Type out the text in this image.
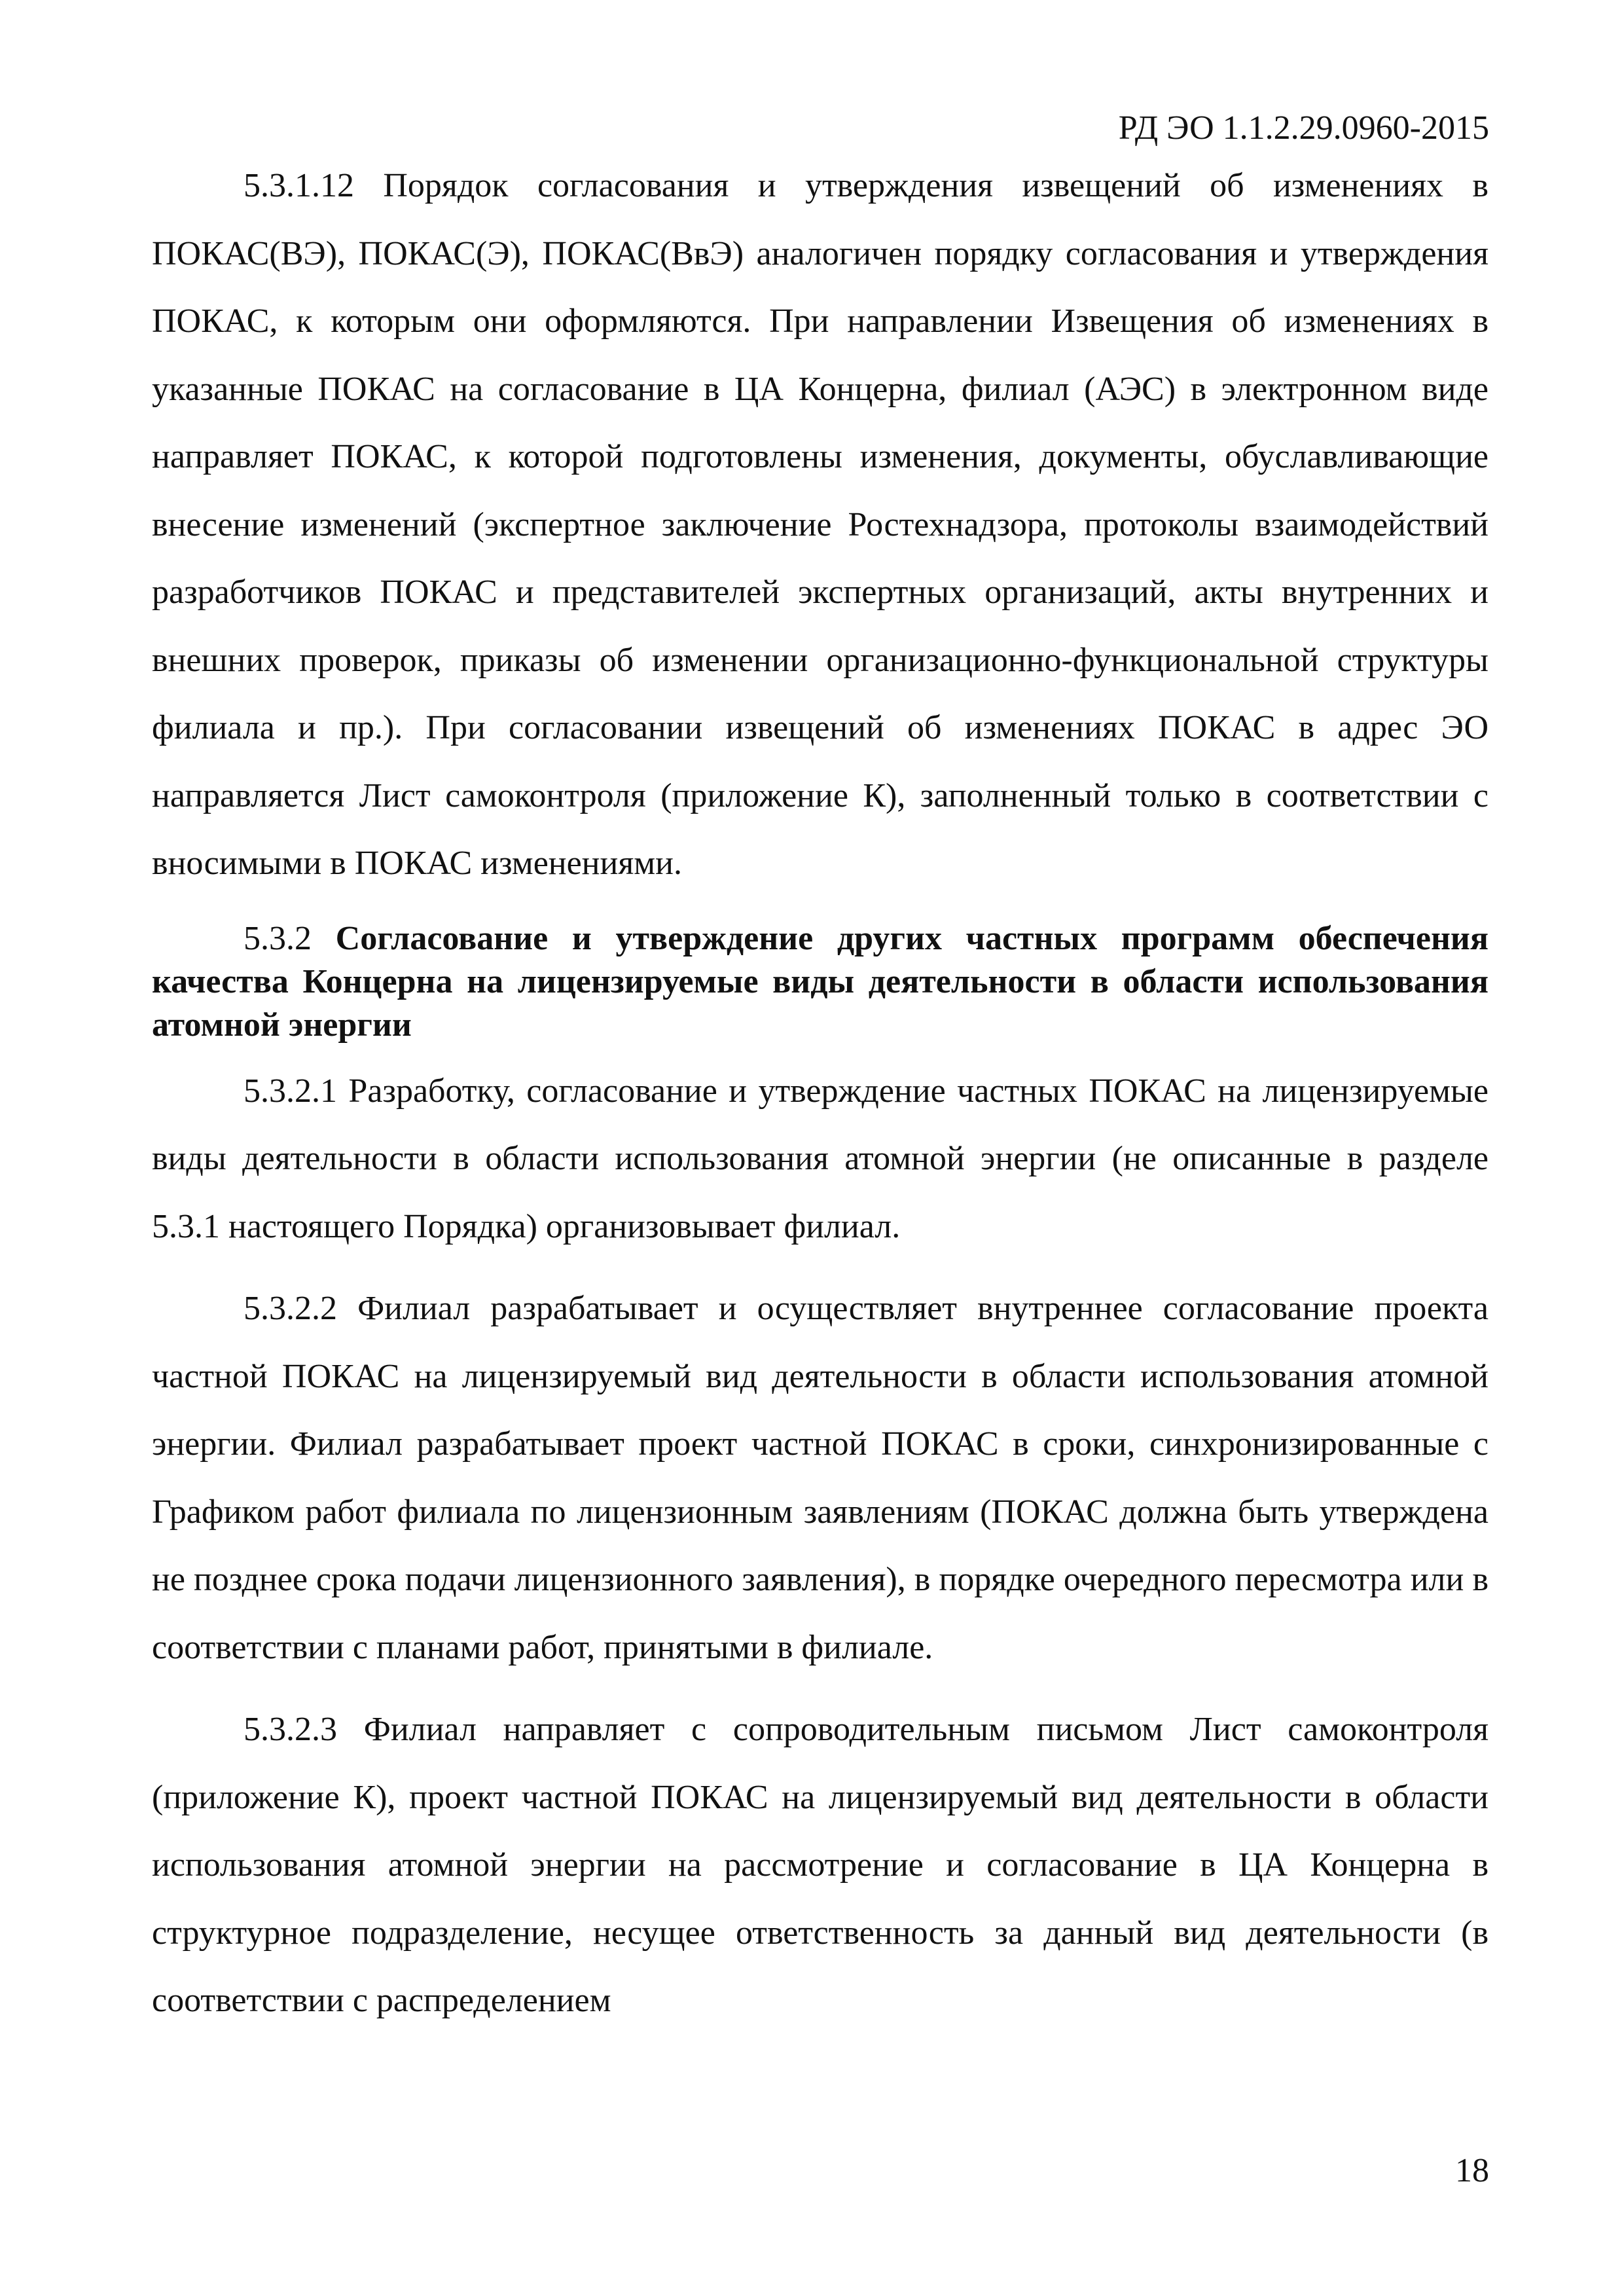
РД ЭО 1.1.2.29.0960-2015

5.3.1.12 Порядок согласования и утверждения извещений об изменениях в ПОКАС(ВЭ), ПОКАС(Э), ПОКАС(ВвЭ) аналогичен порядку согласования и утверждения ПОКАС, к которым они оформляются. При направлении Извещения об изменениях в указанные ПОКАС на согласование в ЦА Концерна, филиал (АЭС) в электронном виде направляет ПОКАС, к которой подготовлены изменения, документы, обуславливающие внесение изменений (экспертное заключение Ростехнадзора, протоколы взаимодействий разработчиков ПОКАС и представителей экспертных организаций, акты внутренних и внешних проверок, приказы об изменении организационно-функциональной структуры филиала и пр.). При согласовании извещений об изменениях ПОКАС в адрес ЭО направляется Лист самоконтроля (приложение К), заполненный только в соответствии с вносимыми в ПОКАС изменениями.

5.3.2 Согласование и утверждение других частных программ обеспечения качества Концерна на лицензируемые виды деятельности в области использования атомной энергии

5.3.2.1 Разработку, согласование и утверждение частных ПОКАС на лицензируемые виды деятельности в области использования атомной энергии (не описанные в разделе 5.3.1 настоящего Порядка) организовывает филиал.

5.3.2.2 Филиал разрабатывает и осуществляет внутреннее согласование проекта частной ПОКАС на лицензируемый вид деятельности в области использования атомной энергии. Филиал разрабатывает проект частной ПОКАС в сроки, синхронизированные с Графиком работ филиала по лицензионным заявлениям (ПОКАС должна быть утверждена не позднее срока подачи лицензионного заявления), в порядке очередного пересмотра или в соответствии с планами работ, принятыми в филиале.

5.3.2.3 Филиал направляет с сопроводительным письмом Лист самоконтроля (приложение К), проект частной ПОКАС на лицензируемый вид деятельности в области использования атомной энергии на рассмотрение и согласование в ЦА Концерна в структурное подразделение, несущее ответственность за данный вид деятельности (в соответствии с распределением

18
